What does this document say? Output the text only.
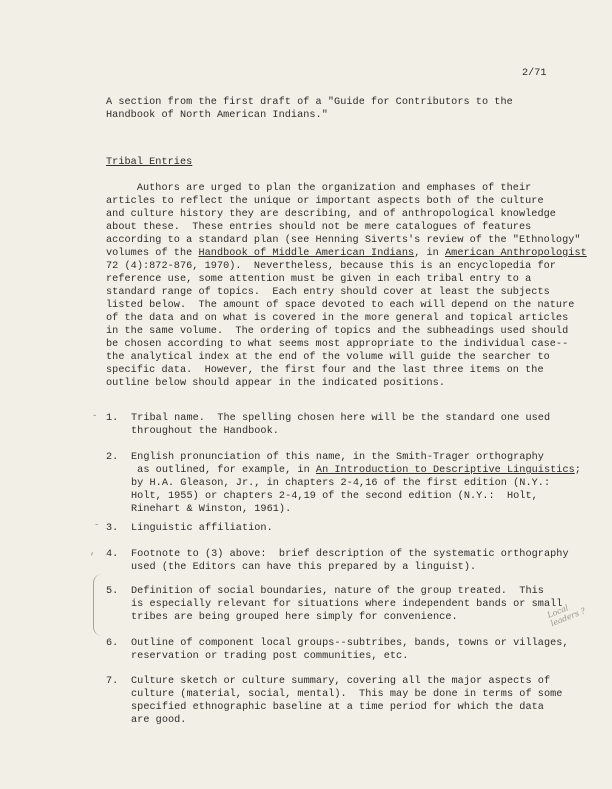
2/71
A section from the first draft of a "Guide for Contributors to the
Handbook of North American Indians."
Tribal Entries
Authors are urged to plan the organization and emphases of their
articles to reflect the unique or important aspects both of the culture
and culture history they are describing, and of anthropological knowledge
about these.  These entries should not be mere catalogues of features
according to a standard plan (see Henning Siverts's review of the "Ethnology"
volumes of the Handbook of Middle American Indians, in American Anthropologist
72 (4):872-876, 1970).  Nevertheless, because this is an encyclopedia for
reference use, some attention must be given in each tribal entry to a
standard range of topics.  Each entry should cover at least the subjects
listed below.  The amount of space devoted to each will depend on the nature
of the data and on what is covered in the more general and topical articles
in the same volume.  The ordering of topics and the subheadings used should
be chosen according to what seems most appropriate to the individual case--
the analytical index at the end of the volume will guide the searcher to
specific data.  However, the first four and the last three items on the
outline below should appear in the indicated positions.
- 1. Tribal name.  The spelling chosen here will be the standard one used
throughout the Handbook.
2. English pronunciation of this name, in the Smith-Trager orthography
as outlined, for example, in An Introduction to Descriptive Linguistics;
by H.A. Gleason, Jr., in chapters 2-4,16 of the first edition (N.Y.:
Holt, 1955) or chapters 2-4,19 of the second edition (N.Y.:  Holt,
Rinehart & Winston, 1961).
- 3. Linguistic affiliation.
, 4. Footnote to (3) above:  brief description of the systematic orthography
used (the Editors can have this prepared by a linguist).
5. Definition of social boundaries, nature of the group treated.  This
is especially relevant for situations where independent bands or small
tribes are being grouped here simply for convenience.	Local
leaders ?
6. Outline of component local groups--subtribes, bands, towns or villages,
reservation or trading post communities, etc.
7. Culture sketch or culture summary, covering all the major aspects of
culture (material, social, mental).  This may be done in terms of some
specified ethnographic baseline at a time period for which the data
are good.
